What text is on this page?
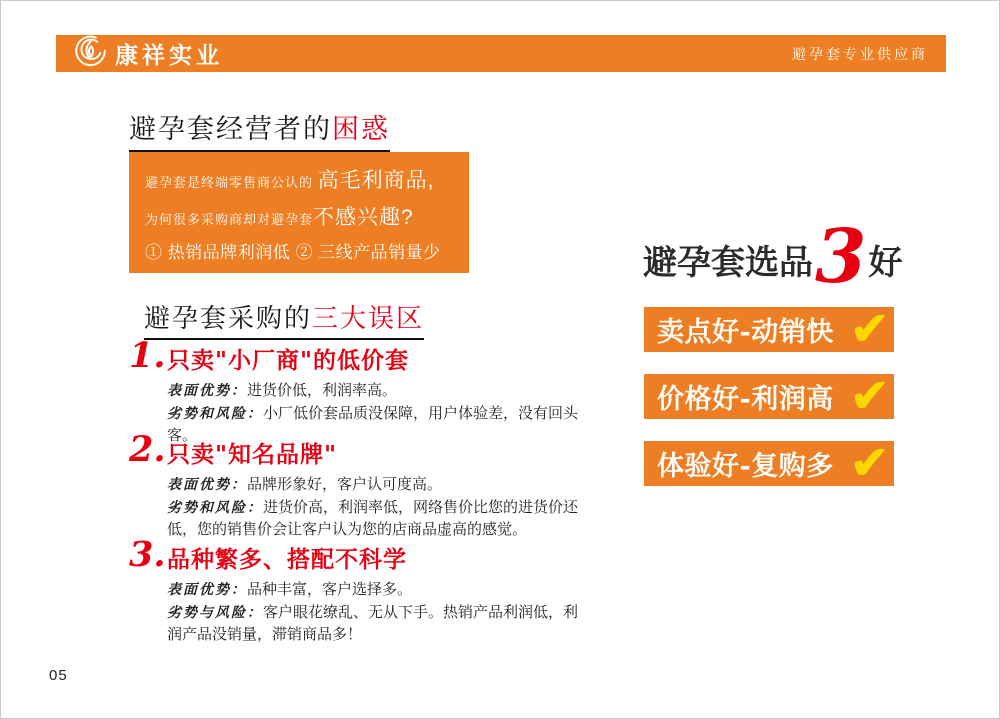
康祥实业	避孕套专业供应商
避孕套经营者的困惑
避孕套是终端零售商公认的 高毛利商品,
为何很多采购商却对避孕套不感兴趣?
① 热销品牌利润低 ② 三线产品销量少
避孕套采购的三大误区
1. 只卖"小厂商"的低价套

表面优势：进货价低，利润率高。

劣势和风险：小厂低价套品质没保障，用户体验差，没有回头客。

2. 只卖"知名品牌"

表面优势：品牌形象好，客户认可度高。

劣势和风险：进货价高，利润率低，网络售价比您的进货价还低，您的销售价会让客户认为您的店商品虚高的感觉。

3. 品种繁多、搭配不科学

表面优势：品种丰富，客户选择多。

劣势与风险：客户眼花缭乱、无从下手。热销产品利润低，利润产品没销量，滞销商品多！

避孕套选品 3 好
卖点好-动销快 ✔
价格好-利润高 ✔
体验好-复购多 ✔
05
